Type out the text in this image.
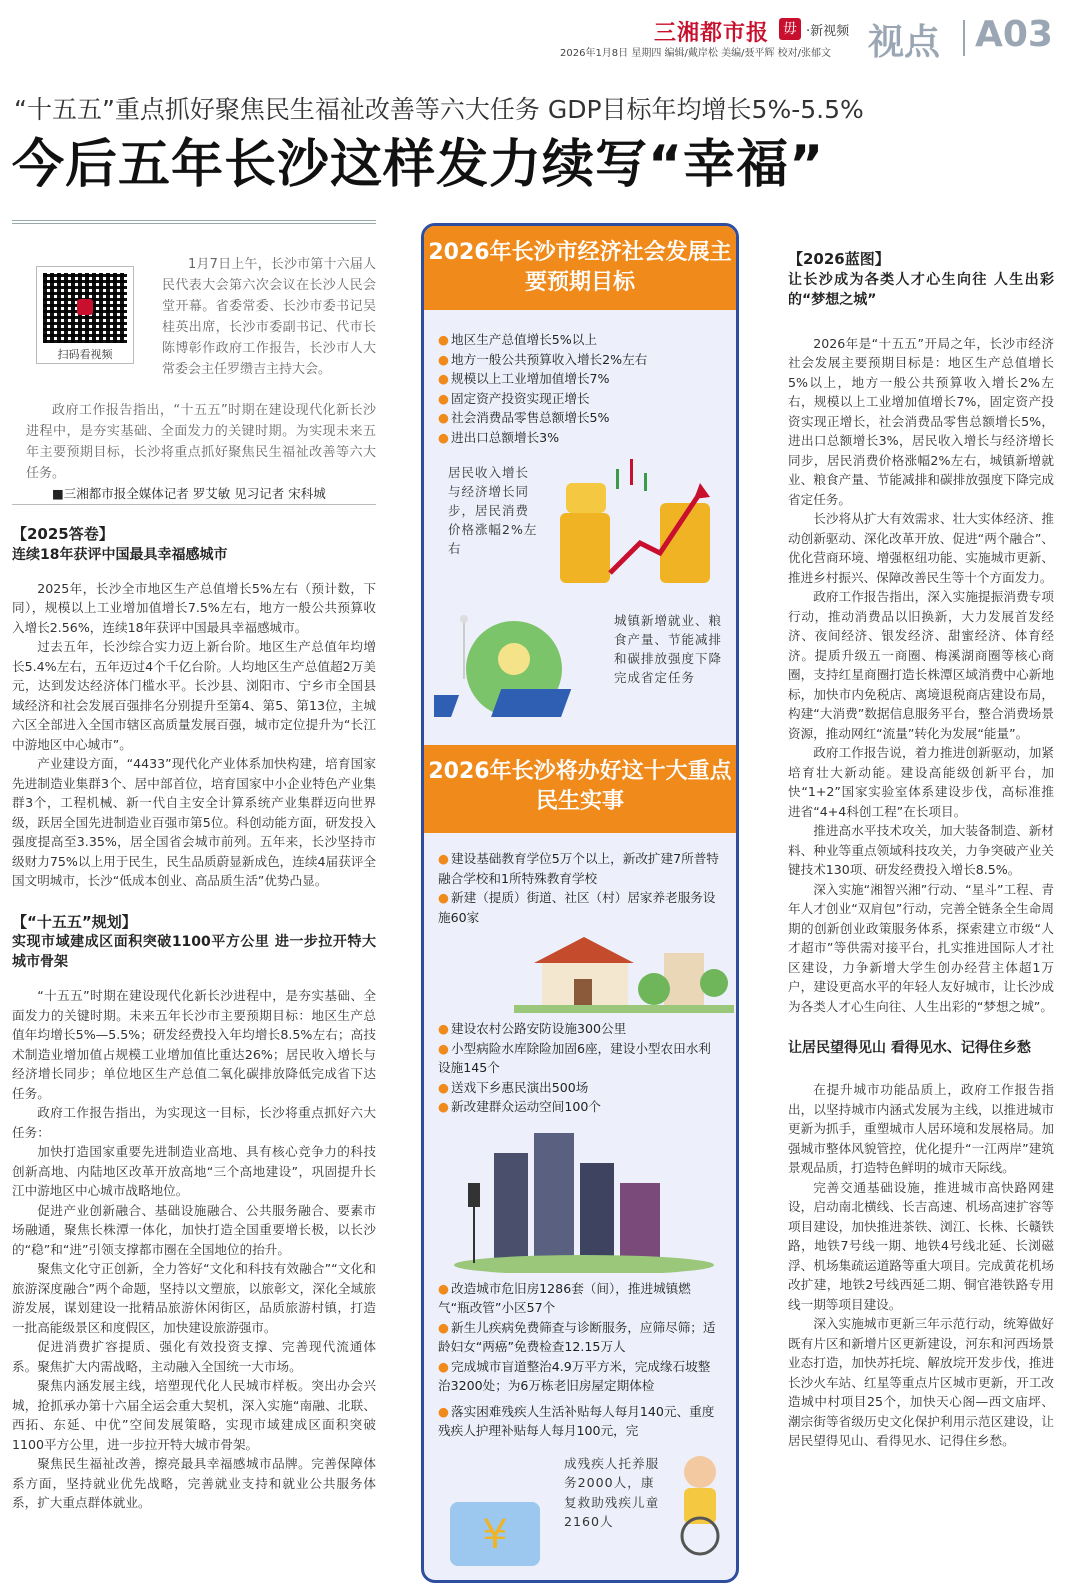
三湘都市报 毋 ·新视频
2026年1月8日 星期四 编辑/戴岸松 美编/聂平辉 校对/张郁文 视点 A03
“十五五”重点抓好聚焦民生福祉改善等六大任务 GDP目标年均增长5%-5.5%
今后五年长沙这样发力续写“幸福”
扫码看视频
1月7日上午，长沙市第十六届人民代表大会第六次会议在长沙人民会堂开幕。省委常委、长沙市委书记吴桂英出席，长沙市委副书记、代市长陈博彰作政府工作报告，长沙市人大常委会主任罗缵吉主持大会。
政府工作报告指出，“十五五”时期在建设现代化新长沙进程中，是夯实基础、全面发力的关键时期。为实现未来五年主要预期目标，长沙将重点抓好聚焦民生福祉改善等六大任务。
■三湘都市报全媒体记者 罗艾敏 见习记者 宋科城
【2025答卷】
连续18年获评中国最具幸福感城市

2025年，长沙全市地区生产总值增长5%左右（预计数，下同），规模以上工业增加值增长7.5%左右，地方一般公共预算收入增长2.56%，连续18年获评中国最具幸福感城市。

过去五年，长沙综合实力迈上新台阶。地区生产总值年均增长5.4%左右，五年迈过4个千亿台阶。人均地区生产总值超2万美元，达到发达经济体门槛水平。长沙县、浏阳市、宁乡市全国县域经济和社会发展百强排名分别提升至第4、第5、第13位，主城六区全部进入全国市辖区高质量发展百强，城市定位提升为“长江中游地区中心城市”。

产业建设方面，“4433”现代化产业体系加快构建，培育国家先进制造业集群3个、居中部首位，培育国家中小企业特色产业集群3个，工程机械、新一代自主安全计算系统产业集群迈向世界级，跃居全国先进制造业百强市第5位。科创动能方面，研发投入强度提高至3.35%，居全国省会城市前列。五年来，长沙坚持市级财力75%以上用于民生，民生品质蔚显新成色，连续4届获评全国文明城市，长沙“低成本创业、高品质生活”优势凸显。

【“十五五”规划】
实现市域建成区面积突破1100平方公里 进一步拉开特大城市骨架

“十五五”时期在建设现代化新长沙进程中，是夯实基础、全面发力的关键时期。未来五年长沙市主要预期目标：地区生产总值年均增长5%—5.5%；研发经费投入年均增长8.5%左右；高技术制造业增加值占规模工业增加值比重达26%；居民收入增长与经济增长同步；单位地区生产总值二氧化碳排放降低完成省下达任务。

政府工作报告指出，为实现这一目标，长沙将重点抓好六大任务：

加快打造国家重要先进制造业高地、具有核心竞争力的科技创新高地、内陆地区改革开放高地“三个高地建设”，巩固提升长江中游地区中心城市战略地位。

促进产业创新融合、基础设施融合、公共服务融合、要素市场融通，聚焦长株潭一体化，加快打造全国重要增长极，以长沙的“稳”和“进”引领支撑都市圈在全国地位的抬升。

聚焦文化守正创新，全力答好“文化和科技有效融合”“文化和旅游深度融合”两个命题，坚持以文塑旅，以旅彰文，深化全域旅游发展，谋划建设一批精品旅游休闲街区，品质旅游村镇，打造一批高能级景区和度假区，加快建设旅游强市。

促进消费扩容提质、强化有效投资支撑、完善现代流通体系。聚焦扩大内需战略，主动融入全国统一大市场。

聚焦内涵发展主线，培塑现代化人民城市样板。突出办会兴城，抢抓承办第十六届全运会重大契机，深入实施“南融、北联、西拓、东延、中优”空间发展策略，实现市域建成区面积突破1100平方公里，进一步拉开特大城市骨架。

聚焦民生福祉改善，擦亮最具幸福感城市品牌。完善保障体系方面，坚持就业优先战略，完善就业支持和就业公共服务体系，扩大重点群体就业。

2026年长沙市经济社会发展主要预期目标
● 地区生产总值增长5%以上
● 地方一般公共预算收入增长2%左右
● 规模以上工业增加值增长7%
● 固定资产投资实现正增长
● 社会消费品零售总额增长5%
● 进出口总额增长3%
居民收入增长与经济增长同步，居民消费价格涨幅2%左右
城镇新增就业、粮食产量、节能减排和碳排放强度下降完成省定任务
2026年长沙将办好这十大重点民生实事
● 建设基础教育学位5万个以上，新改扩建7所普特融合学校和1所特殊教育学校
● 新建（提质）街道、社区（村）居家养老服务设施60家
● 建设农村公路安防设施300公里
● 小型病险水库除险加固6座，建设小型农田水利设施145个
● 送戏下乡惠民演出500场
● 新改建群众运动空间100个
● 改造城市危旧房1286套（间），推进城镇燃气“瓶改管”小区57个
● 新生儿疾病免费筛查与诊断服务，应筛尽筛；适龄妇女“两癌”免费检查12.15万人
● 完成城市盲道整治4.9万平方米，完成缘石坡整治3200处；为6万栋老旧房屋定期体检
● 落实困难残疾人生活补贴每人每月140元、重度残疾人护理补贴每人每月100元，完
成残疾人托养服务2000人，康复救助残疾儿童2160人
¥
【2026蓝图】
让长沙成为各类人才心生向往 人生出彩的“梦想之城”

2026年是“十五五”开局之年，长沙市经济社会发展主要预期目标是：地区生产总值增长5%以上，地方一般公共预算收入增长2%左右，规模以上工业增加值增长7%，固定资产投资实现正增长，社会消费品零售总额增长5%，进出口总额增长3%，居民收入增长与经济增长同步，居民消费价格涨幅2%左右，城镇新增就业、粮食产量、节能减排和碳排放强度下降完成省定任务。

长沙将从扩大有效需求、壮大实体经济、推动创新驱动、深化改革开放、促进“两个融合”、优化营商环境、增强枢纽功能、实施城市更新、推进乡村振兴、保障改善民生等十个方面发力。

政府工作报告指出，深入实施提振消费专项行动，推动消费品以旧换新，大力发展首发经济、夜间经济、银发经济、甜蜜经济、体育经济。提质升级五一商圈、梅溪湖商圈等核心商圈，支持红星商圈打造长株潭区域消费中心新地标，加快市内免税店、离境退税商店建设布局，构建“大消费”数据信息服务平台，整合消费场景资源，推动网红“流量”转化为发展“能量”。

政府工作报告说，着力推进创新驱动，加紧培育壮大新动能。建设高能级创新平台，加快“1+2”国家实验室体系建设步伐，高标准推进省“4+4科创工程”在长项目。

推进高水平技术攻关，加大装备制造、新材料、种业等重点领域科技攻关，力争突破产业关键技术130项、研发经费投入增长8.5%。

深入实施“湘智兴湘”行动、“星斗”工程、青年人才创业“双肩包”行动，完善全链条全生命周期的创新创业政策服务体系，探索建立市级“人才超市”等供需对接平台，扎实推进国际人才社区建设，力争新增大学生创办经营主体超1万户，建设更高水平的年轻人友好城市，让长沙成为各类人才心生向往、人生出彩的“梦想之城”。

让居民望得见山 看得见水、记得住乡愁

在提升城市功能品质上，政府工作报告指出，以坚持城市内涵式发展为主线，以推进城市更新为抓手，重塑城市人居环境和发展格局。加强城市整体风貌管控，优化提升“一江两岸”建筑景观品质，打造特色鲜明的城市天际线。

完善交通基础设施，推进城市高快路网建设，启动南北横线、长吉高速、机场高速扩容等项目建设，加快推进茶铁、浏江、长株、长赣铁路，地铁7号线一期、地铁4号线北延、长浏磁浮、机场集疏运道路等重大项目。完成黄花机场改扩建，地铁2号线西延二期、铜官港铁路专用线一期等项目建设。

深入实施城市更新三年示范行动，统筹做好既有片区和新增片区更新建设，河东和河西场景业态打造，加快苏托垸、解放垸开发步伐，推进长沙火车站、红星等重点片区城市更新，开工改造城中村项目25个，加快天心阁—西文庙坪、潮宗街等省级历史文化保护利用示范区建设，让居民望得见山、看得见水、记得住乡愁。
